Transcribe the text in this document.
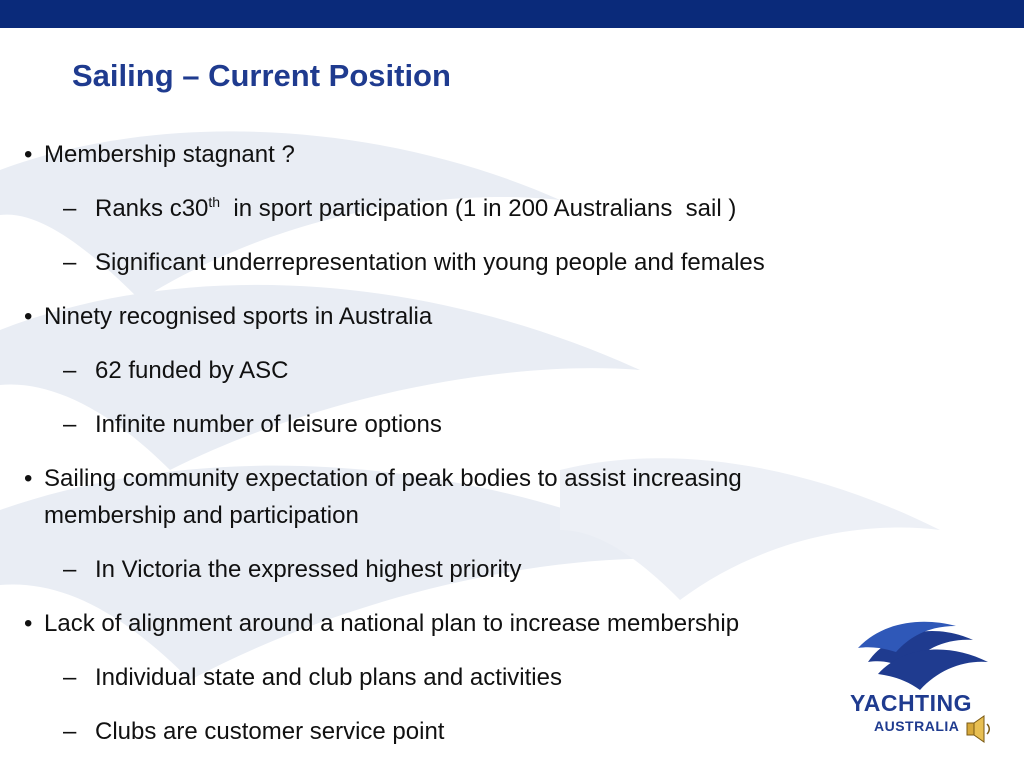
Sailing – Current Position
• Membership stagnant ?
– Ranks c30th  in sport participation (1 in 200 Australians  sail )
– Significant underrepresentation with young people and females
• Ninety recognised sports in Australia
– 62 funded by ASC
– Infinite number of leisure options
• Sailing community expectation of peak bodies to assist increasing
membership and participation
– In Victoria the expressed highest priority
• Lack of alignment around a national plan to increase membership
– Individual state and club plans and activities
– Clubs are customer service point
YACHTING
AUSTRALIA
